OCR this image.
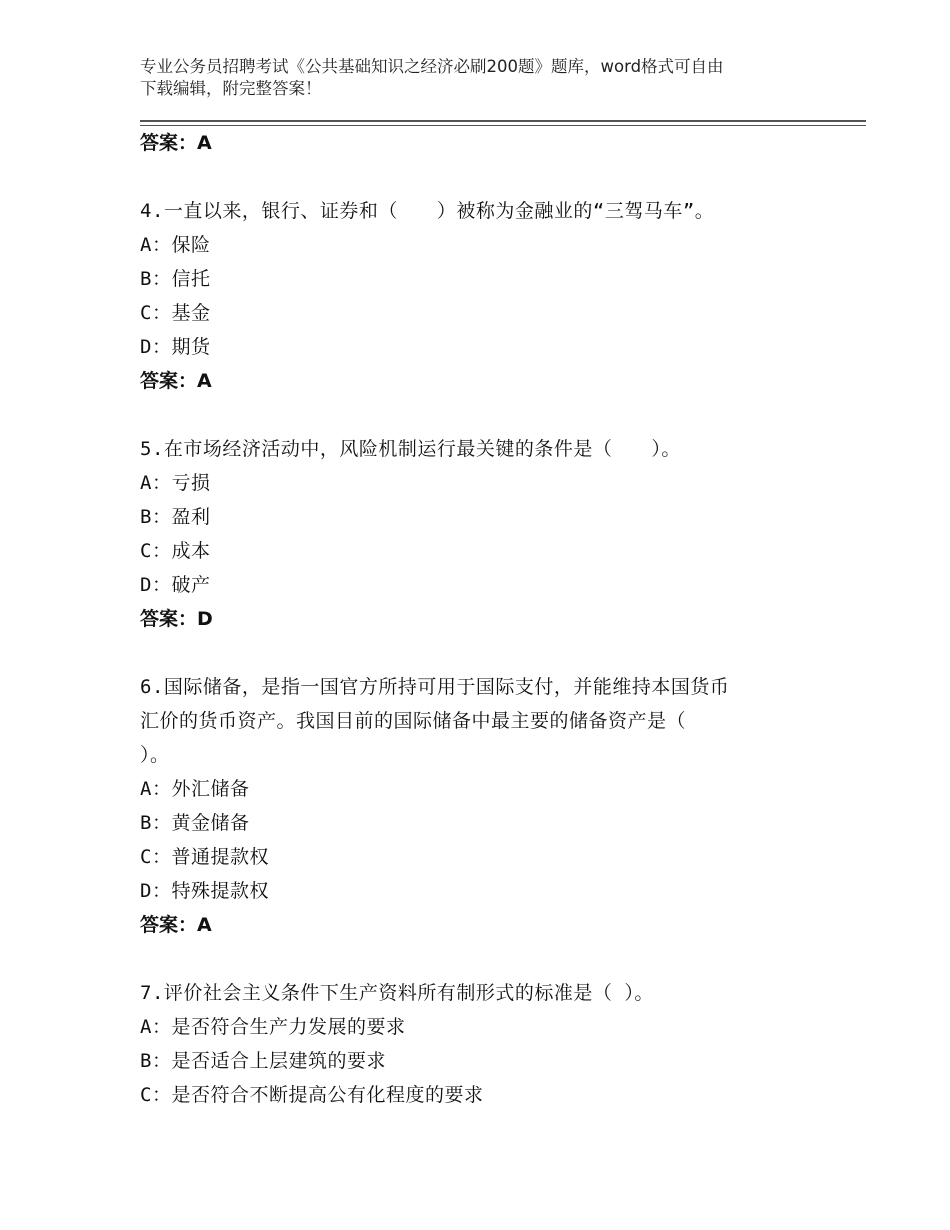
专业公务员招聘考试《公共基础知识之经济必刷200题》题库，word格式可自由
下载编辑，附完整答案！
答案：A
4.一直以来，银行、证券和（　　）被称为金融业的“三驾马车”。
A：保险
B：信托
C：基金
D：期货
答案：A
5.在市场经济活动中，风险机制运行最关键的条件是（　　）。
A：亏损
B：盈利
C：成本
D：破产
答案：D
6.国际储备，是指一国官方所持可用于国际支付，并能维持本国货币
汇价的货币资产。我国目前的国际储备中最主要的储备资产是（
）。
A：外汇储备
B：黄金储备
C：普通提款权
D：特殊提款权
答案：A
7.评价社会主义条件下生产资料所有制形式的标准是（ ）。
A：是否符合生产力发展的要求
B：是否适合上层建筑的要求
C：是否符合不断提高公有化程度的要求
